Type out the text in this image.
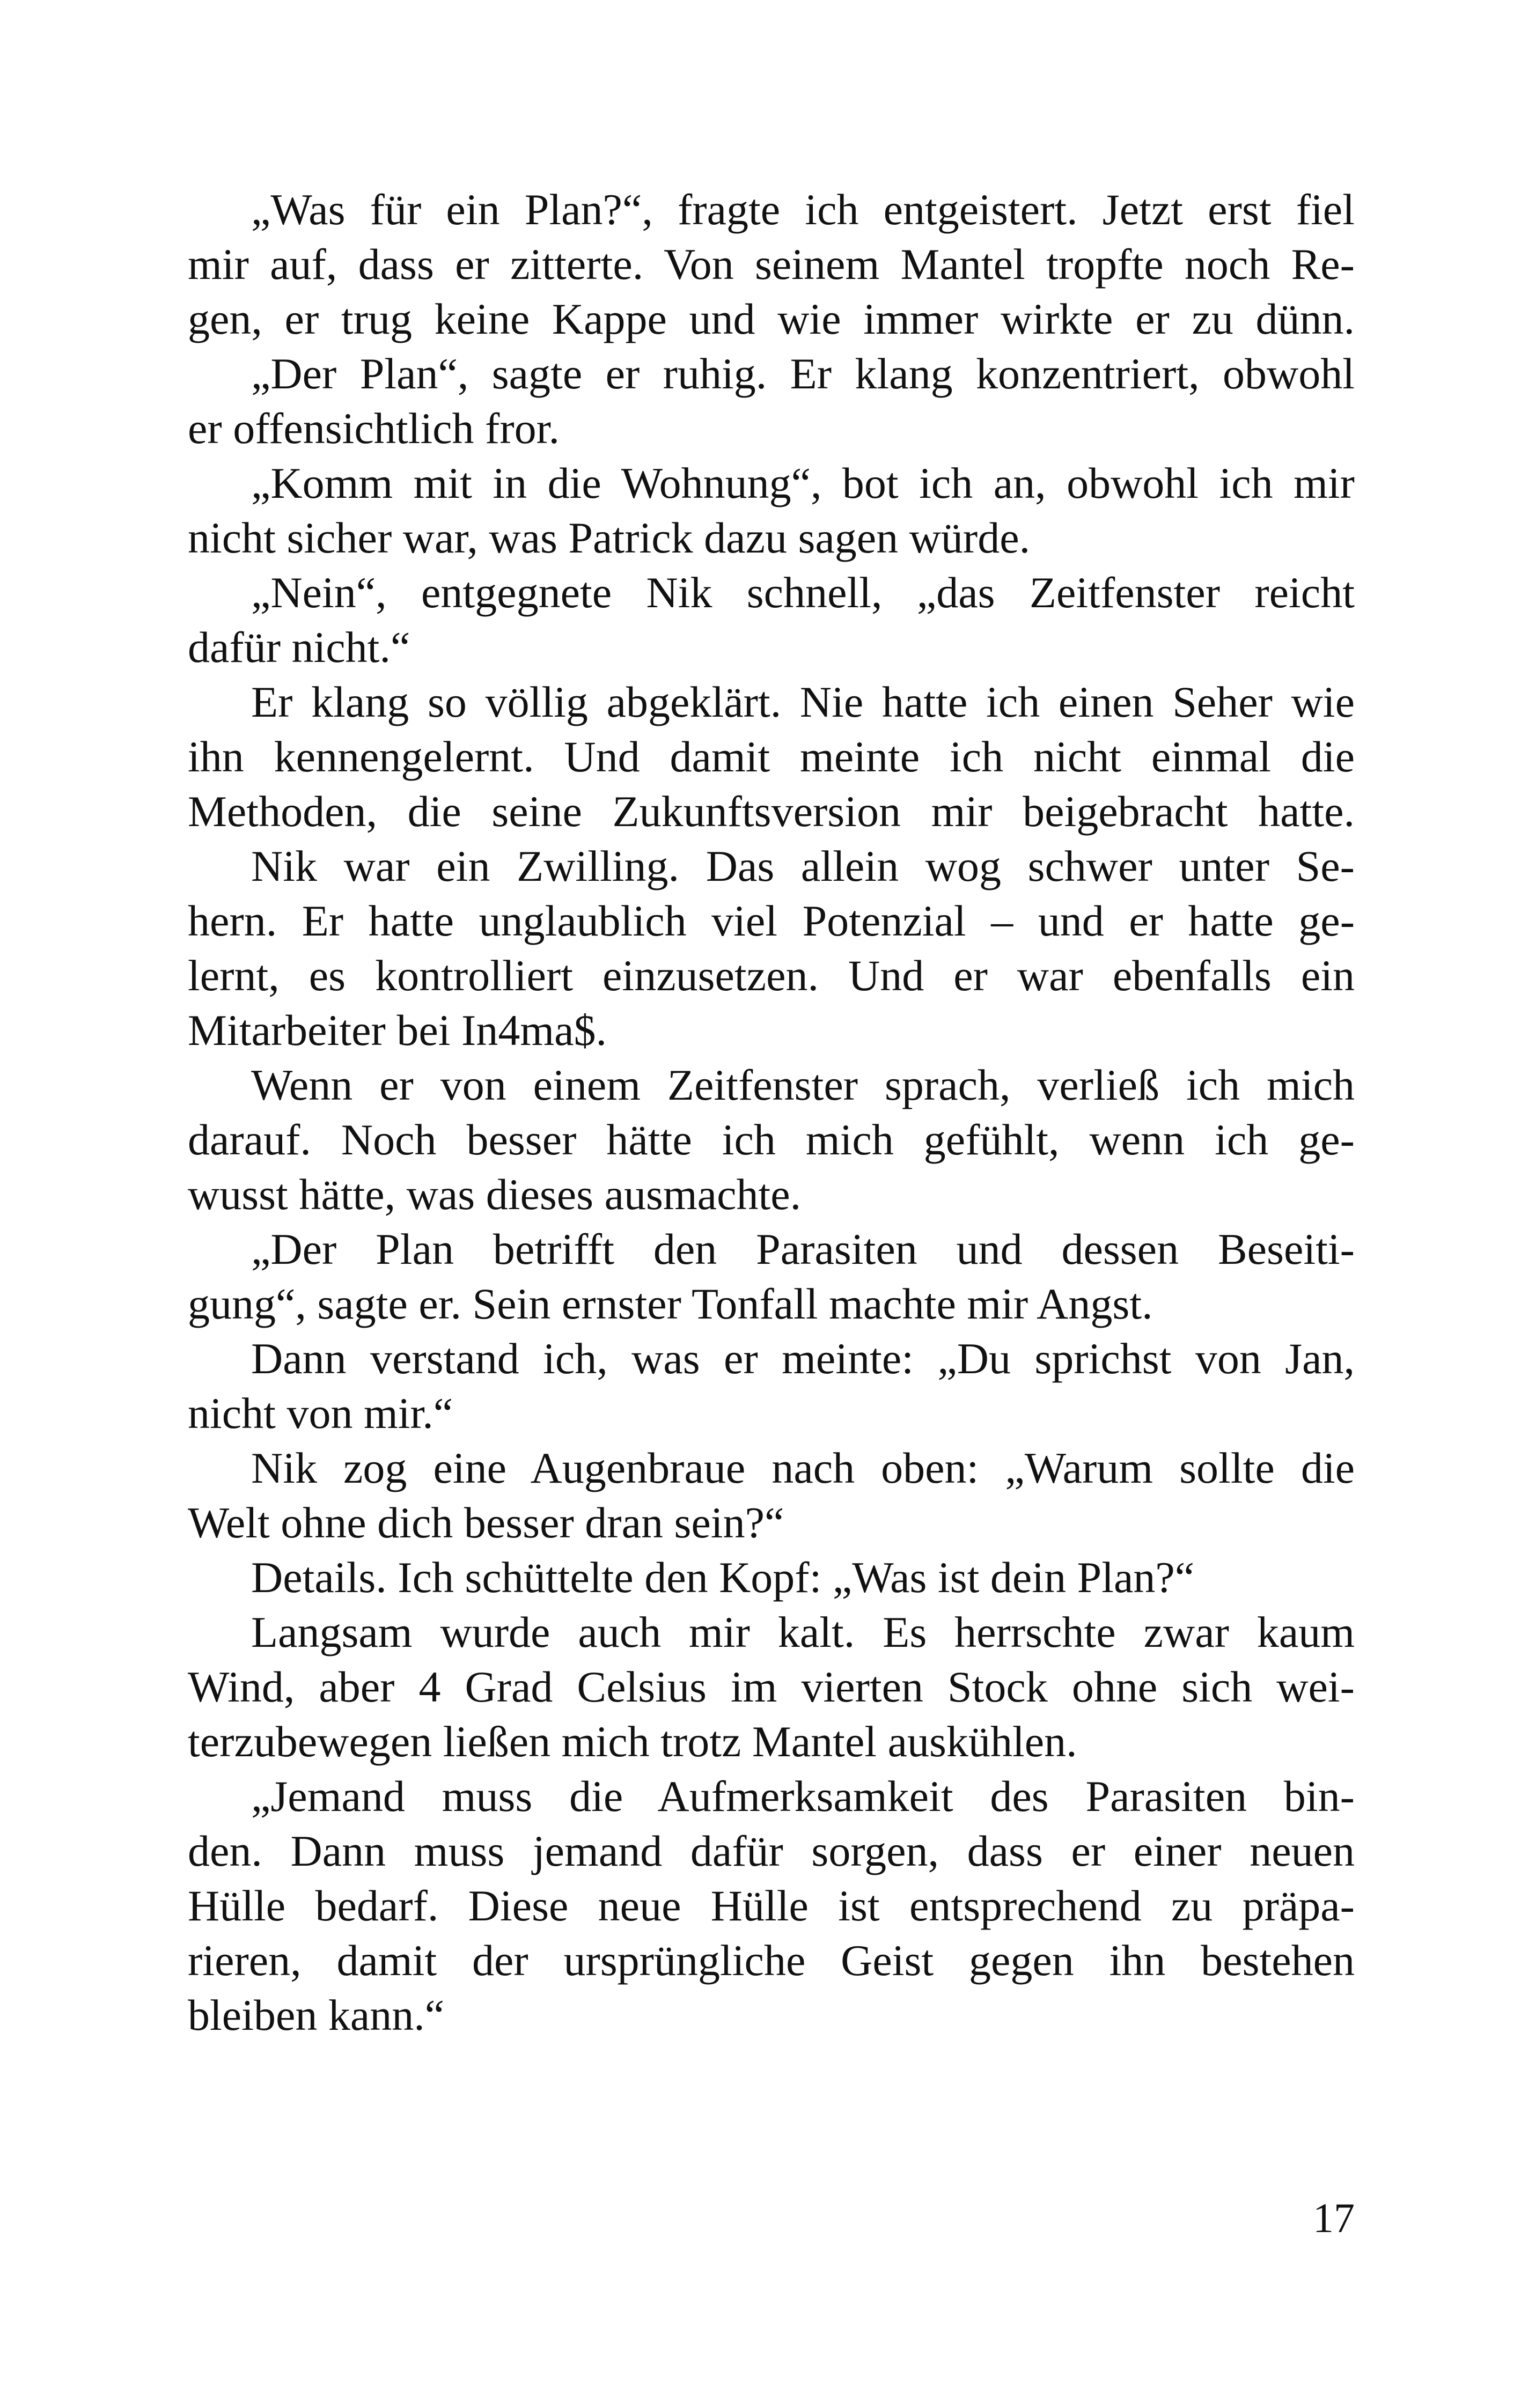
„Was für ein Plan?“, fragte ich entgeistert. Jetzt erst fiel
mir auf, dass er zitterte. Von seinem Mantel tropfte noch Re-
gen, er trug keine Kappe und wie immer wirkte er zu dünn.
„Der Plan“, sagte er ruhig. Er klang konzentriert, obwohl
er offensichtlich fror.
„Komm mit in die Wohnung“, bot ich an, obwohl ich mir
nicht sicher war, was Patrick dazu sagen würde.
„Nein“, entgegnete Nik schnell, „das Zeitfenster reicht
dafür nicht.“
Er klang so völlig abgeklärt. Nie hatte ich einen Seher wie
ihn kennengelernt. Und damit meinte ich nicht einmal die
Methoden, die seine Zukunftsversion mir beigebracht hatte.
Nik war ein Zwilling. Das allein wog schwer unter Se-
hern. Er hatte unglaublich viel Potenzial – und er hatte ge-
lernt, es kontrolliert einzusetzen. Und er war ebenfalls ein
Mitarbeiter bei In4ma$.
Wenn er von einem Zeitfenster sprach, verließ ich mich
darauf. Noch besser hätte ich mich gefühlt, wenn ich ge-
wusst hätte, was dieses ausmachte.
„Der Plan betrifft den Parasiten und dessen Beseiti-
gung“, sagte er. Sein ernster Tonfall machte mir Angst.
Dann verstand ich, was er meinte: „Du sprichst von Jan,
nicht von mir.“
Nik zog eine Augenbraue nach oben: „Warum sollte die
Welt ohne dich besser dran sein?“
Details. Ich schüttelte den Kopf: „Was ist dein Plan?“
Langsam wurde auch mir kalt. Es herrschte zwar kaum
Wind, aber 4 Grad Celsius im vierten Stock ohne sich wei-
terzubewegen ließen mich trotz Mantel auskühlen.
„Jemand muss die Aufmerksamkeit des Parasiten bin-
den. Dann muss jemand dafür sorgen, dass er einer neuen
Hülle bedarf. Diese neue Hülle ist entsprechend zu präpa-
rieren, damit der ursprüngliche Geist gegen ihn bestehen
bleiben kann.“
17
